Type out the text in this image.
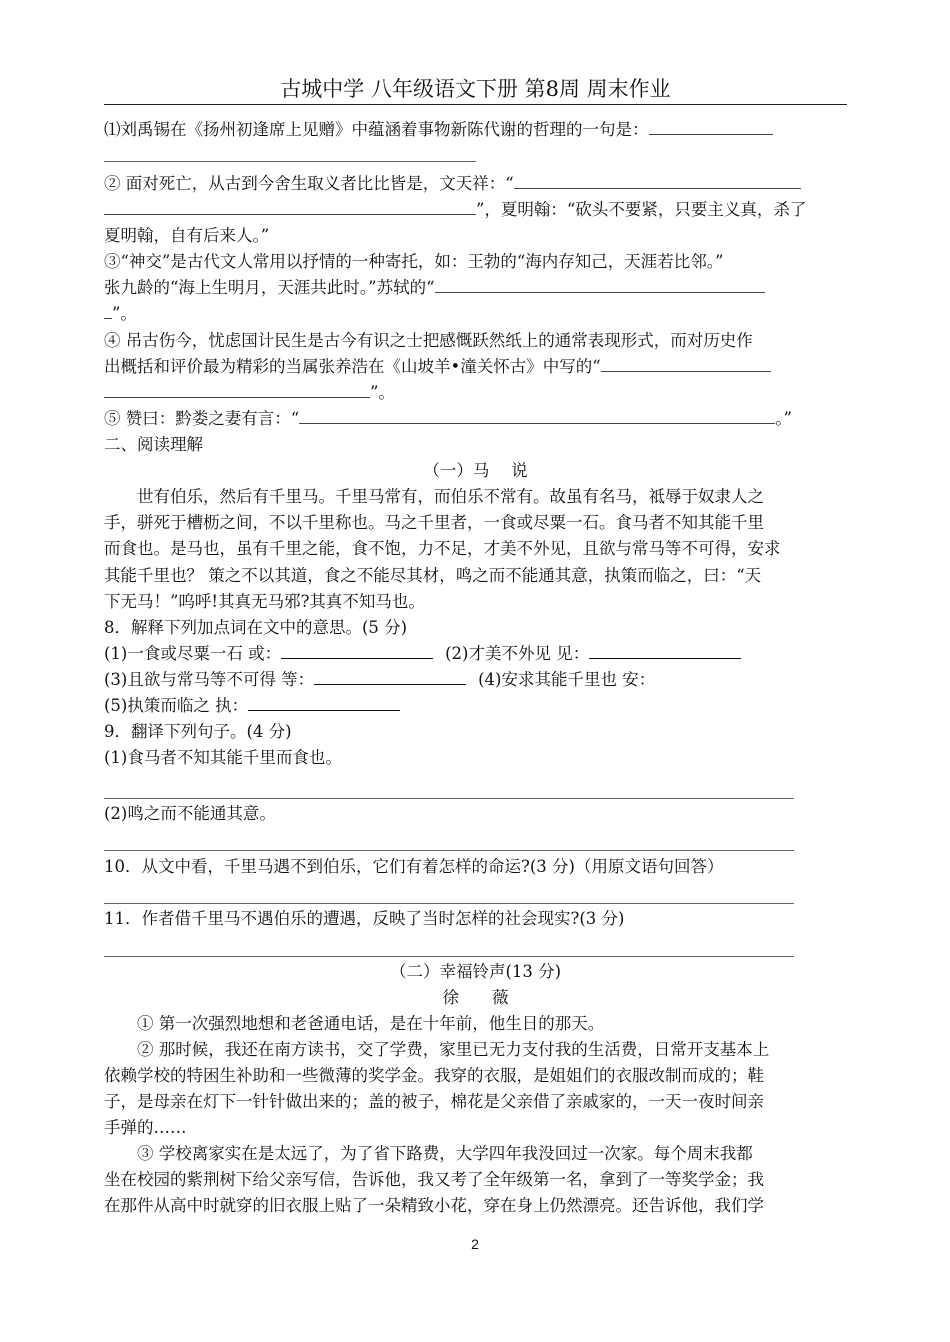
古城中学 八年级语文下册 第8周 周末作业
⑴刘禹锡在《扬州初逢席上见赠》中蕴涵着事物新陈代谢的哲理的一句是：
② 面对死亡，从古到今舍生取义者比比皆是，文天祥：“
”，夏明翰：“砍头不要紧，只要主义真，杀了
夏明翰，自有后来人。”
③“神交”是古代文人常用以抒情的一种寄托，如：王勃的“海内存知己，天涯若比邻。”
张九龄的“海上生明月，天涯共此时。”苏轼的“
”。
④ 吊古伤今，忧虑国计民生是古今有识之士把感慨跃然纸上的通常表现形式，而对历史作
出概括和评价最为精彩的当属张养浩在《山坡羊•潼关怀古》中写的“
”。
⑤ 赞曰：黔娄之妻有言：“	。”
二、阅读理解
（一）马　 说
世有伯乐，然后有千里马。千里马常有，而伯乐不常有。故虽有名马，祗辱于奴隶人之
手，骈死于槽枥之间，不以千里称也。马之千里者，一食或尽粟一石。食马者不知其能千里
而食也。是马也，虽有千里之能，食不饱，力不足，才美不外见，且欲与常马等不可得，安求
其能千里也？ 策之不以其道，食之不能尽其材，鸣之而不能通其意，执策而临之，曰：“天
下无马！”呜呼!其真无马邪?其真不知马也。
8．解释下列加点词在文中的意思。(5 分)
(1)一食或尽粟一石 或：	(2)才美不外见 见：
(3)且欲与常马等不可得 等：	(4)安求其能千里也 安：
(5)执策而临之 执：
9．翻译下列句子。(4 分)
(1)食马者不知其能千里而食也。
(2)鸣之而不能通其意。
10．从文中看，千里马遇不到伯乐，它们有着怎样的命运?(3 分)（用原文语句回答）
11．作者借千里马不遇伯乐的遭遇，反映了当时怎样的社会现实?(3 分)
（二）幸福铃声(13 分)
徐　　薇
① 第一次强烈地想和老爸通电话，是在十年前，他生日的那天。
② 那时候，我还在南方读书，交了学费，家里已无力支付我的生活费，日常开支基本上
依赖学校的特困生补助和一些微薄的奖学金。我穿的衣服，是姐姐们的衣服改制而成的；鞋
子，是母亲在灯下一针针做出来的；盖的被子，棉花是父亲借了亲戚家的，一天一夜时间亲
手弹的……
③ 学校离家实在是太远了，为了省下路费，大学四年我没回过一次家。每个周末我都
坐在校园的紫荆树下给父亲写信，告诉他，我又考了全年级第一名，拿到了一等奖学金；我
在那件从高中时就穿的旧衣服上贴了一朵精致小花，穿在身上仍然漂亮。还告诉他，我们学
2
